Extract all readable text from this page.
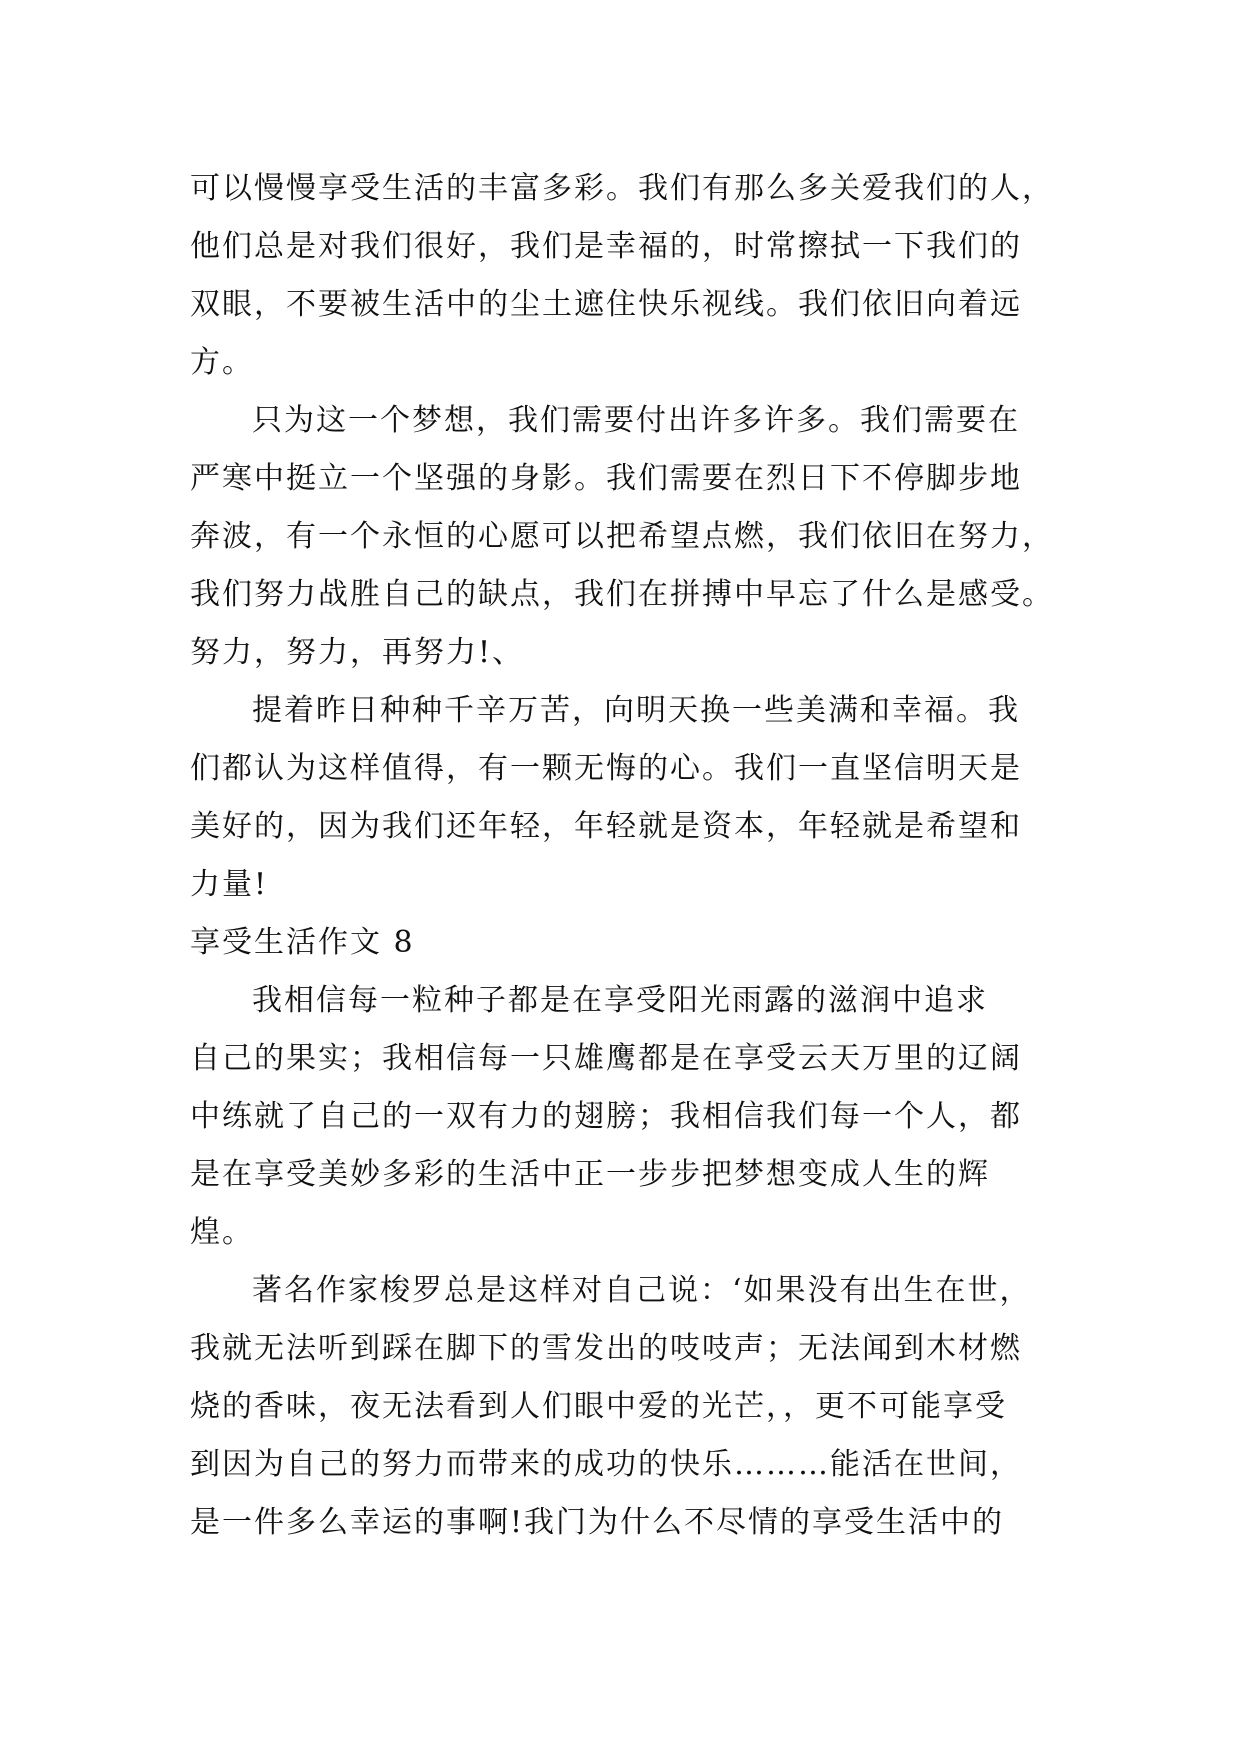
可以慢慢享受生活的丰富多彩。我们有那么多关爱我们的人，
他们总是对我们很好，我们是幸福的，时常擦拭一下我们的
双眼，不要被生活中的尘土遮住快乐视线。我们依旧向着远
方。
只为这一个梦想，我们需要付出许多许多。我们需要在
严寒中挺立一个坚强的身影。我们需要在烈日下不停脚步地
奔波，有一个永恒的心愿可以把希望点燃，我们依旧在努力，
我们努力战胜自己的缺点，我们在拼搏中早忘了什么是感受。
努力，努力，再努力!、
提着昨日种种千辛万苦，向明天换一些美满和幸福。我
们都认为这样值得，有一颗无悔的心。我们一直坚信明天是
美好的，因为我们还年轻，年轻就是资本，年轻就是希望和
力量!
享受生活作文 8
我相信每一粒种子都是在享受阳光雨露的滋润中追求
自己的果实；我相信每一只雄鹰都是在享受云天万里的辽阔
中练就了自己的一双有力的翅膀；我相信我们每一个人，都
是在享受美妙多彩的生活中正一步步把梦想变成人生的辉
煌。
著名作家梭罗总是这样对自己说：‘如果没有出生在世，
我就无法听到踩在脚下的雪发出的吱吱声；无法闻到木材燃
烧的香味，夜无法看到人们眼中爱的光芒，，更不可能享受
到因为自己的努力而带来的成功的快乐………能活在世间，
是一件多么幸运的事啊!我门为什么不尽情的享受生活中的
